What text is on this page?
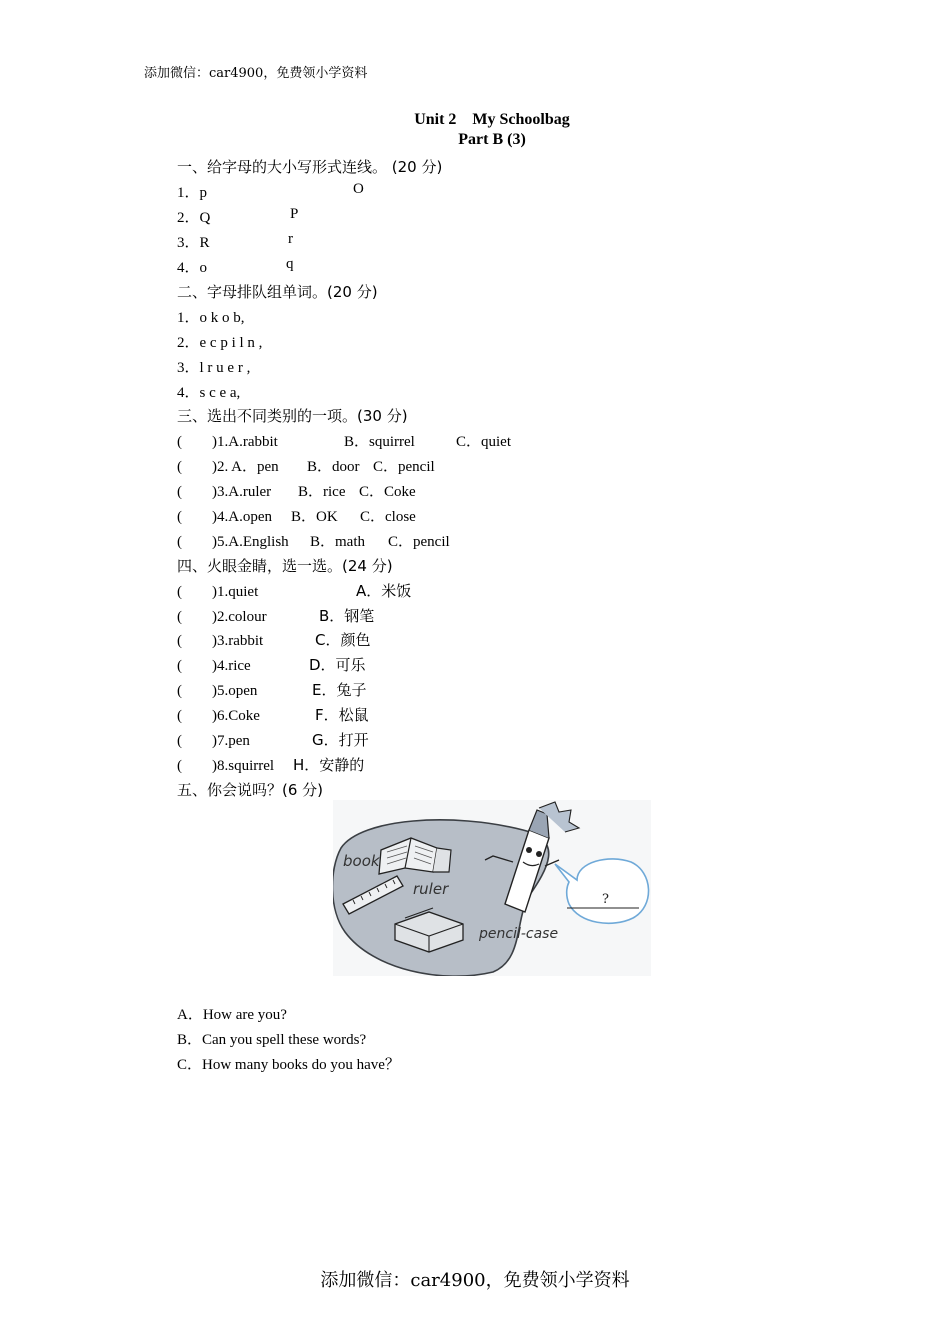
添加微信：car4900，免费领小学资料
Unit 2　My Schoolbag
Part B (3)
一、给字母的大小写形式连线。 (20 分)

1．p

	O

2．Q

	P

3．R

	r

4．o

	q

二、字母排队组单词。(20 分)
1．o k o b,
2．e c p i l n ,
3．l r u e r ,
4．s c e a,
三、选出不同类别的一项。(30 分)

(　　)1.A.rabbit

	B．squirrel

	C．quiet

(　　)2. A．pen

B．door

C．pencil

(　　)3.A.ruler

B．rice

C．Coke

(　　)4.A.open

B．OK

C．close

(　　)5.A.English

B．math

C．pencil

四、火眼金睛，选一选。(24 分)

(　　)1.quiet

	A．米饭

(　　)2.colour

	B．钢笔

(　　)3.rabbit

	C．颜色

(　　)4.rice

	D．可乐

(　　)5.open

	E．兔子

(　　)6.Coke

	F．松鼠

(　　)7.pen

	G．打开

(　　)8.squirrel

H．安静的

五、你会说吗？(6 分)
book
ruler
pencil-case
?
A．How are you?
B．Can you spell these words?
C．How many books do you have？
添加微信：car4900，免费领小学资料
